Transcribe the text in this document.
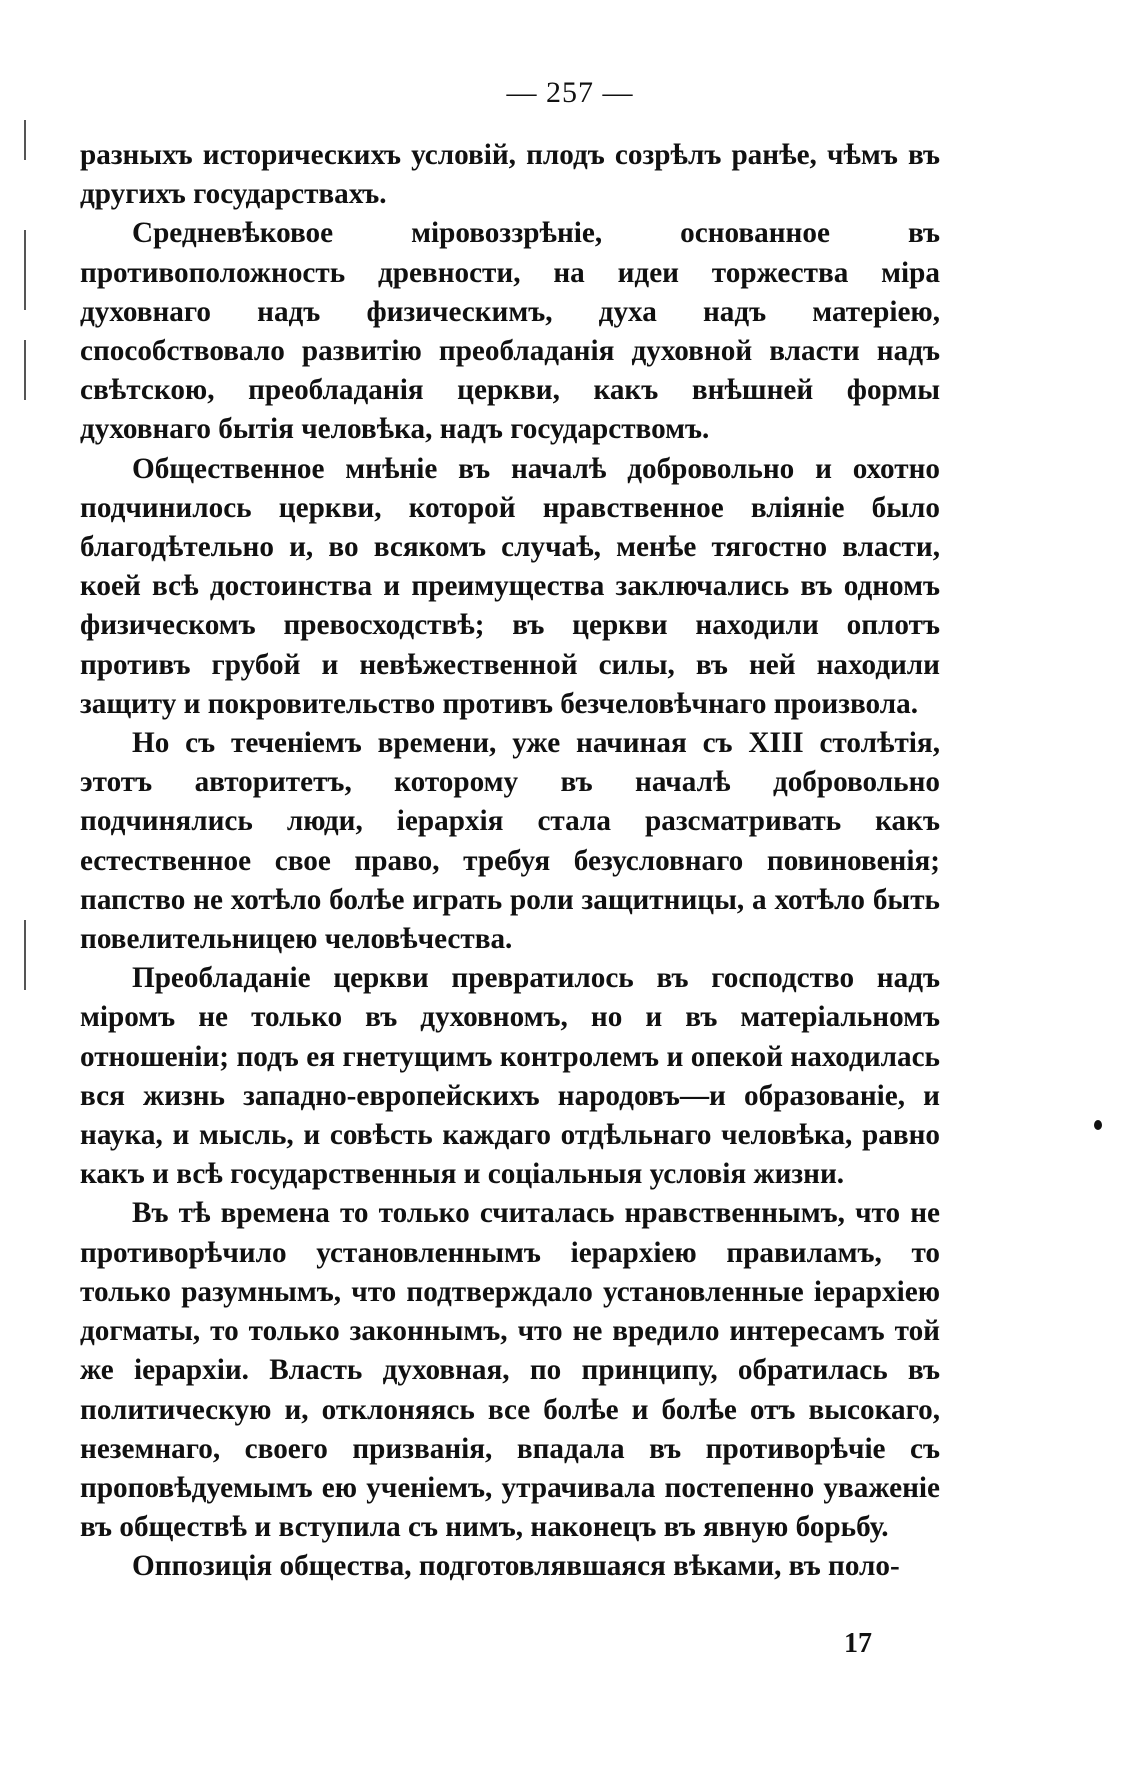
— 257 —

разныхъ историческихъ условій, плодъ созрѣлъ ранѣе, чѣмъ въ другихъ государствахъ.

Средневѣковое міровоззрѣніе, основанное въ противоположность древности, на идеи торжества міра духовнаго надъ физическимъ, духа надъ матеріею, способствовало развитію преобладанія духовной власти надъ свѣтскою, преобладанія церкви, какъ внѣшней формы духовнаго бытія человѣка, надъ государствомъ.

Общественное мнѣніе въ началѣ добровольно и охотно подчинилось церкви, которой нравственное вліяніе было благодѣтельно и, во всякомъ случаѣ, менѣе тягостно власти, коей всѣ достоинства и преимущества заключались въ одномъ физическомъ превосходствѣ; въ церкви находили оплотъ противъ грубой и невѣжественной силы, въ ней находили защиту и покровительство противъ безчеловѣчнаго произвола.

Но съ теченіемъ времени, уже начиная съ XIII столѣтія, этотъ авторитетъ, которому въ началѣ добровольно подчинялись люди, іерархія стала разсматривать какъ естественное свое право, требуя безусловнаго повиновенія; папство не хотѣло болѣе играть роли защитницы, а хотѣло быть повелительницею человѣчества.

Преобладаніе церкви превратилось въ господство надъ міромъ не только въ духовномъ, но и въ матеріальномъ отношеніи; подъ ея гнетущимъ контролемъ и опекой находилась вся жизнь западно-европейскихъ народовъ—и образованіе, и наука, и мысль, и совѣсть каждаго отдѣльнаго человѣка, равно какъ и всѣ государственныя и соціальныя условія жизни.

Въ тѣ времена то только считалась нравственнымъ, что не противорѣчило установленнымъ іерархіею правиламъ, то только разумнымъ, что подтверждало установленные іерархіею догматы, то только законнымъ, что не вредило интересамъ той же іерархіи. Власть духовная, по принципу, обратилась въ политическую и, отклоняясь все болѣе и болѣе отъ высокаго, неземнаго, своего призванія, впадала въ противорѣчіе съ проповѣдуемымъ ею ученіемъ, утрачивала постепенно уваженіе въ обществѣ и вступила съ нимъ, наконецъ въ явную борьбу.

Оппозиція общества, подготовлявшаяся вѣками, въ поло-

17
